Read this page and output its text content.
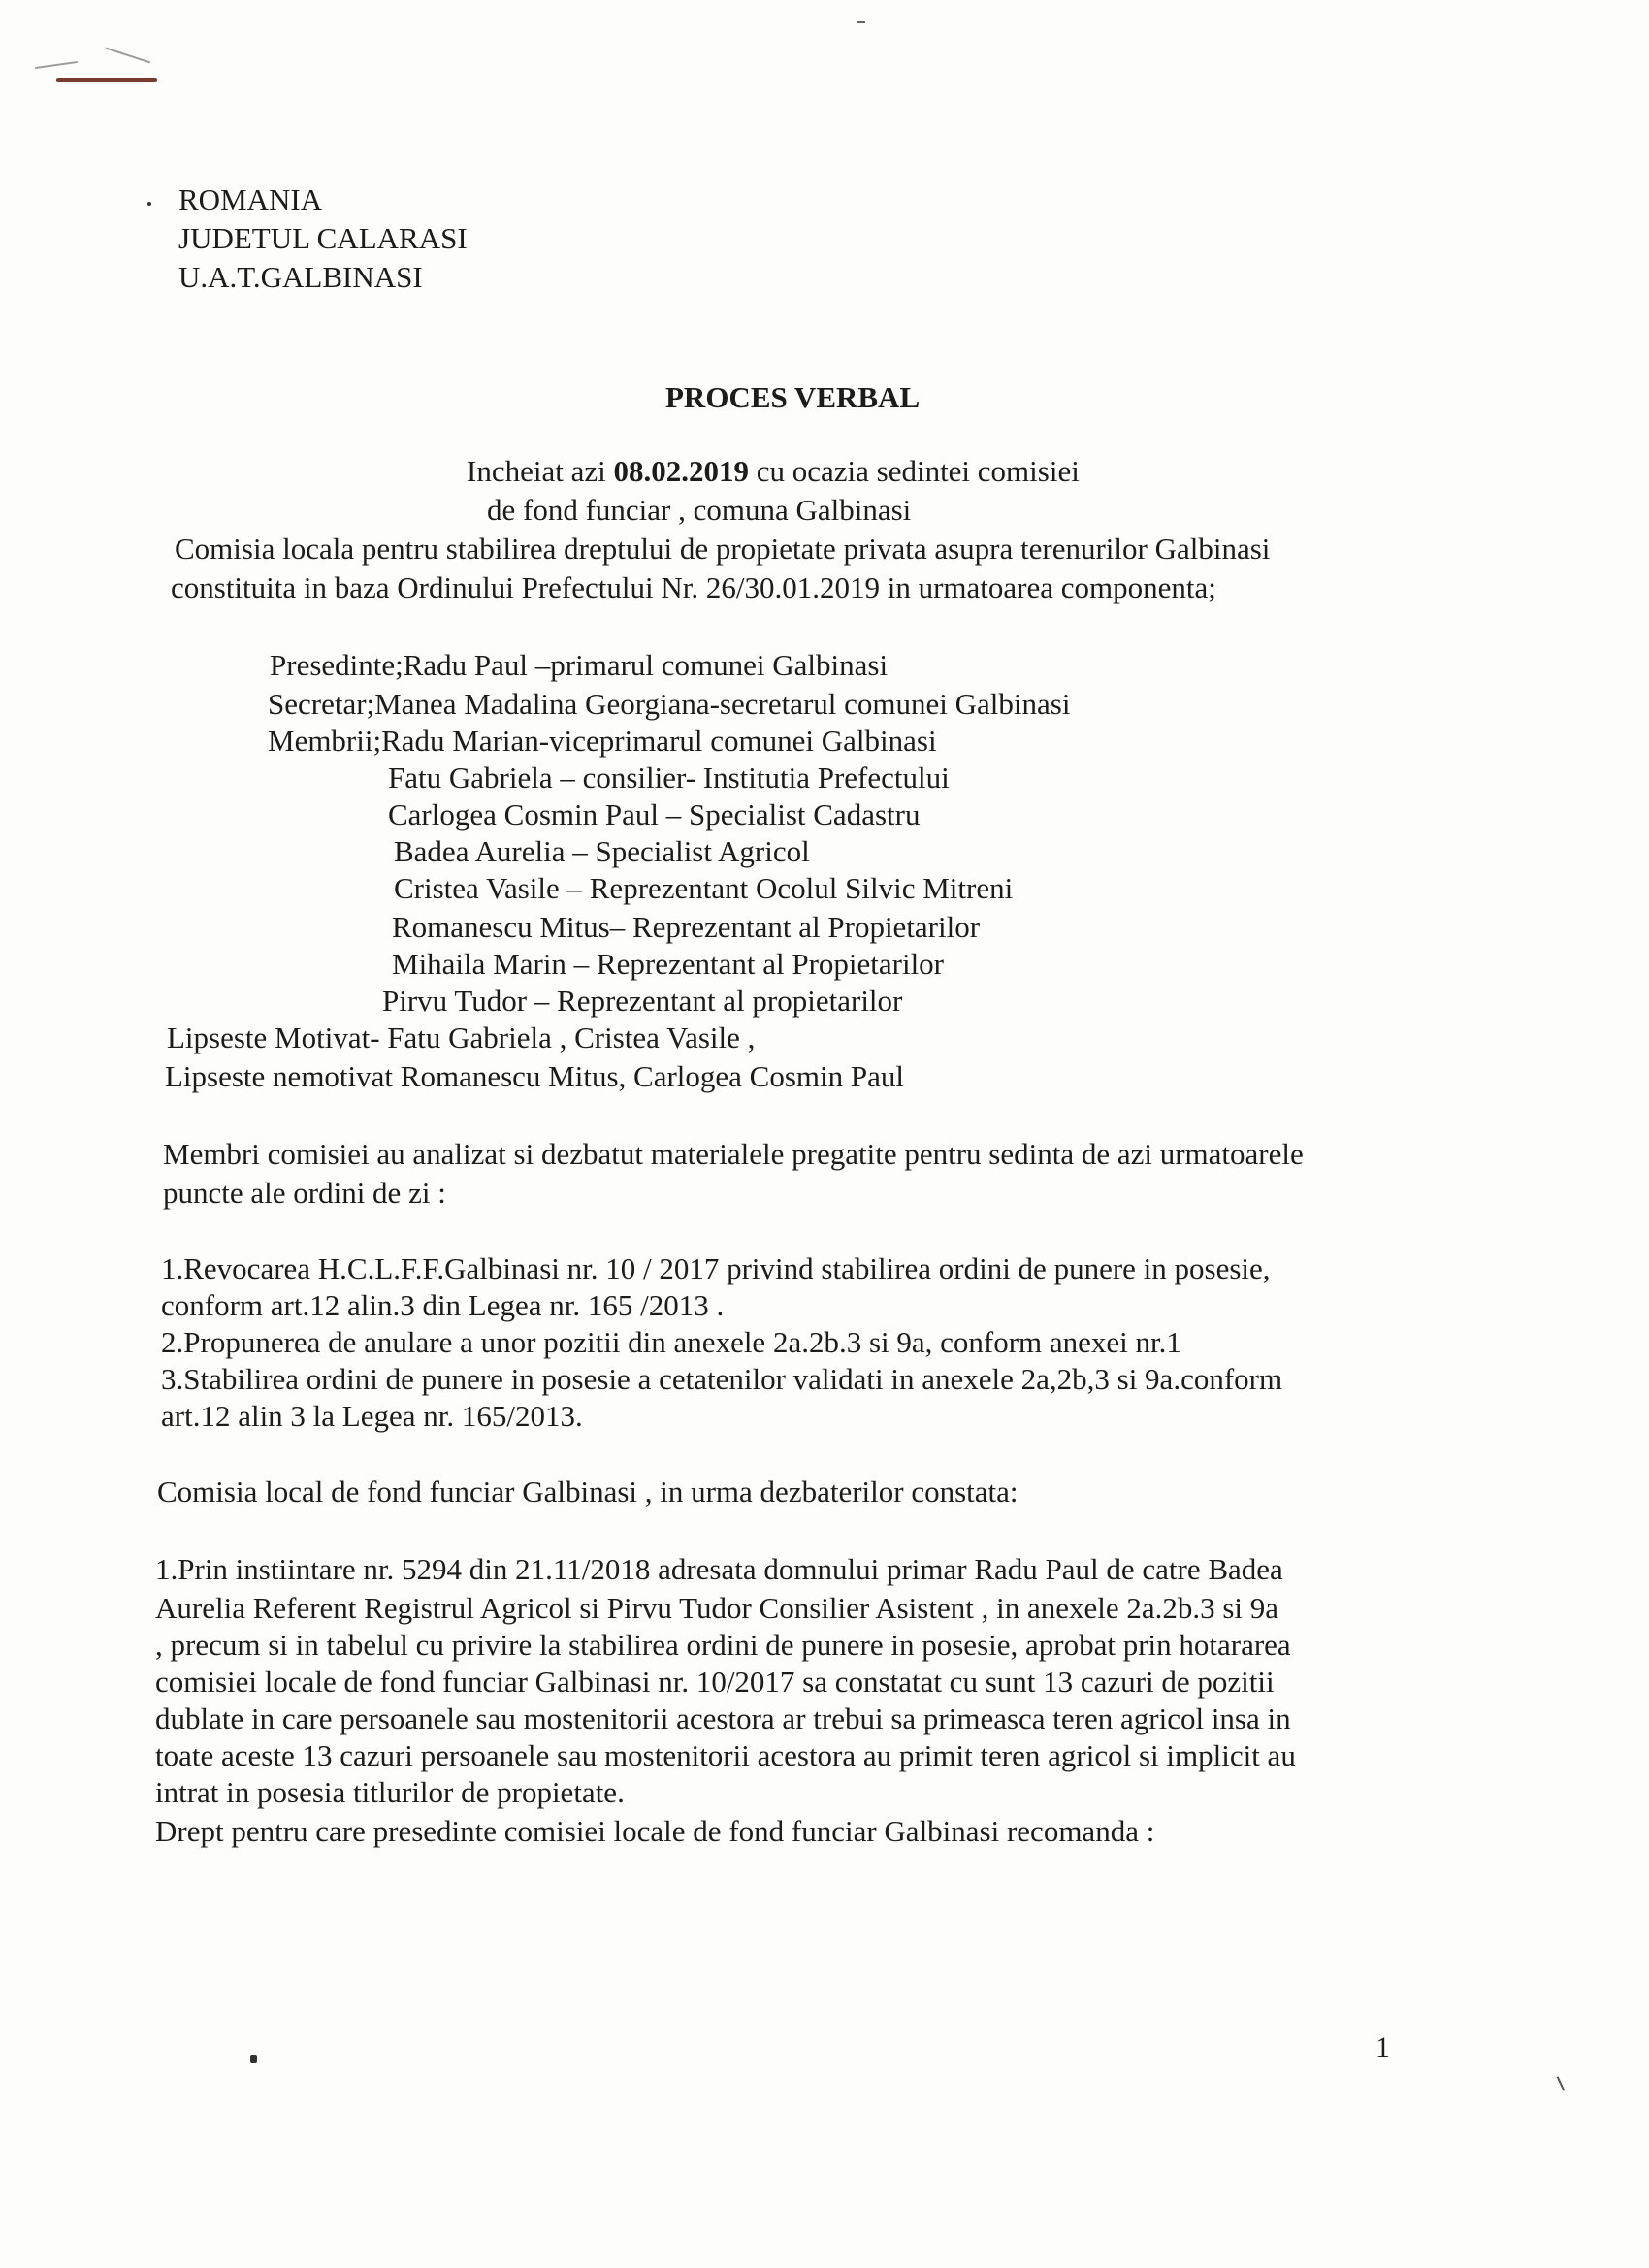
ROMANIA
JUDETUL CALARASI
U.A.T.GALBINASI
PROCES VERBAL
Incheiat azi 08.02.2019 cu ocazia sedintei comisiei
de fond funciar , comuna Galbinasi
Comisia locala pentru stabilirea dreptului de propietate privata asupra terenurilor Galbinasi
constituita in baza Ordinului Prefectului Nr. 26/30.01.2019 in urmatoarea componenta;
Presedinte;Radu Paul –primarul comunei Galbinasi
Secretar;Manea Madalina Georgiana-secretarul comunei Galbinasi
Membrii;Radu Marian-viceprimarul comunei Galbinasi
Fatu Gabriela – consilier- Institutia Prefectului
Carlogea Cosmin Paul – Specialist Cadastru
Badea Aurelia – Specialist Agricol
Cristea Vasile – Reprezentant Ocolul Silvic Mitreni
Romanescu Mitus– Reprezentant al Propietarilor
Mihaila Marin – Reprezentant al Propietarilor
Pirvu Tudor – Reprezentant al propietarilor
Lipseste Motivat- Fatu Gabriela , Cristea Vasile ,
Lipseste nemotivat Romanescu Mitus, Carlogea Cosmin Paul
Membri comisiei au analizat si dezbatut materialele pregatite pentru sedinta de azi urmatoarele
puncte ale ordini de zi :
1.Revocarea H.C.L.F.F.Galbinasi nr. 10 / 2017 privind stabilirea ordini de punere in posesie,
conform art.12 alin.3 din Legea nr. 165 /2013 .
2.Propunerea de anulare a unor pozitii din anexele 2a.2b.3 si 9a, conform anexei nr.1
3.Stabilirea ordini de punere in posesie a cetatenilor validati in anexele 2a,2b,3 si 9a.conform
art.12 alin 3 la Legea nr. 165/2013.
Comisia local de fond funciar Galbinasi , in urma dezbaterilor constata:
1.Prin instiintare nr. 5294 din 21.11/2018 adresata domnului primar Radu Paul de catre Badea
Aurelia Referent Registrul Agricol si Pirvu Tudor Consilier Asistent , in anexele 2a.2b.3 si 9a
, precum si in tabelul cu privire la stabilirea ordini de punere in posesie, aprobat prin hotararea
comisiei locale de fond funciar Galbinasi nr. 10/2017 sa constatat cu sunt 13 cazuri de pozitii
dublate in care persoanele sau mostenitorii acestora ar trebui sa primeasca teren agricol insa in
toate aceste 13 cazuri persoanele sau mostenitorii acestora au primit teren agricol si implicit au
intrat in posesia titlurilor de propietate.
Drept pentru care presedinte comisiei locale de fond funciar Galbinasi recomanda :
1
